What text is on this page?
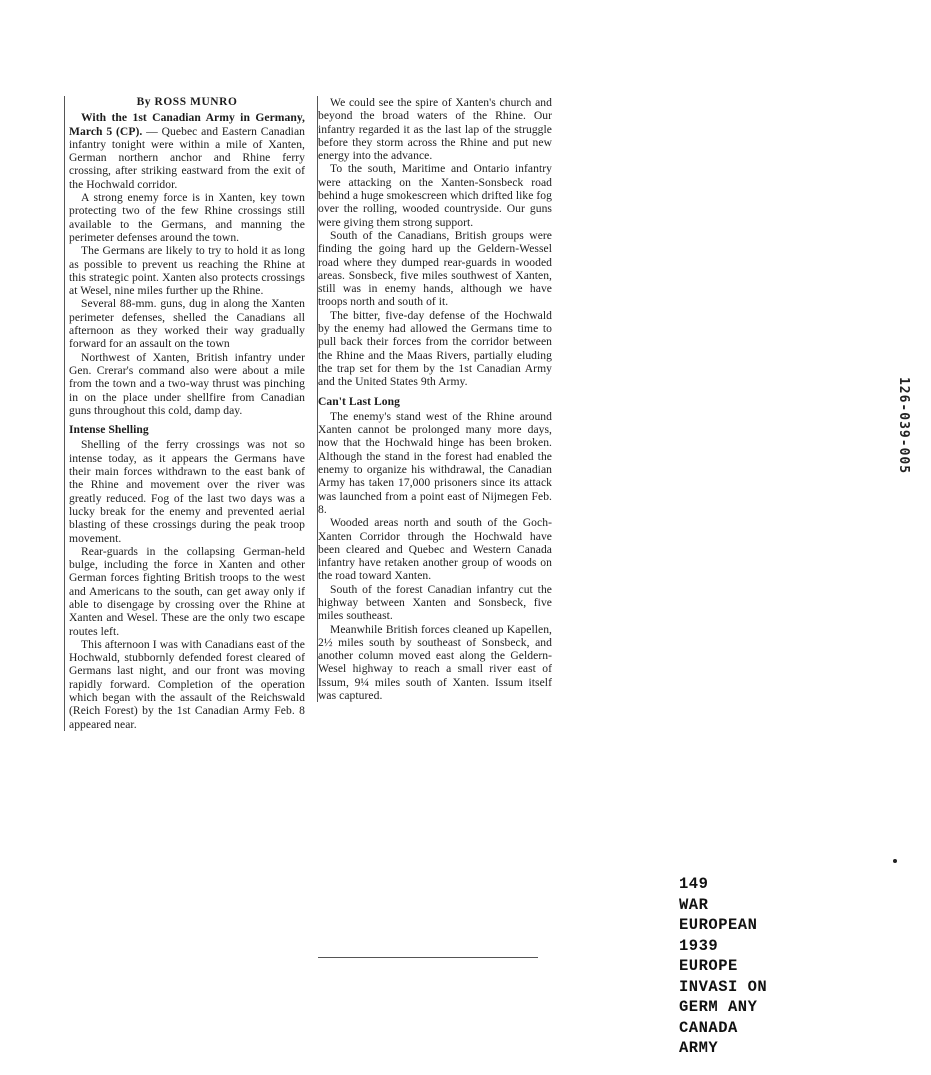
By ROSS MUNRO

With the 1st Canadian Army in Germany, March 5 (CP). — Quebec and Eastern Canadian infantry tonight were within a mile of Xanten, German northern anchor and Rhine ferry crossing, after striking eastward from the exit of the Hochwald corridor.

A strong enemy force is in Xanten, key town protecting two of the few Rhine crossings still available to the Germans, and manning the perimeter defenses around the town.

The Germans are likely to try to hold it as long as possible to prevent us reaching the Rhine at this strategic point. Xanten also protects crossings at Wesel, nine miles further up the Rhine.

Several 88-mm. guns, dug in along the Xanten perimeter defenses, shelled the Canadians all afternoon as they worked their way gradually forward for an assault on the town

Northwest of Xanten, British infantry under Gen. Crerar's command also were about a mile from the town and a two-way thrust was pinching in on the place under shellfire from Canadian guns throughout this cold, damp day.

Intense Shelling

Shelling of the ferry crossings was not so intense today, as it appears the Germans have their main forces withdrawn to the east bank of the Rhine and movement over the river was greatly reduced. Fog of the last two days was a lucky break for the enemy and prevented aerial blasting of these crossings during the peak troop movement.

Rear-guards in the collapsing German-held bulge, including the force in Xanten and other German forces fighting British troops to the west and Americans to the south, can get away only if able to disengage by crossing over the Rhine at Xanten and Wesel. These are the only two escape routes left.

This afternoon I was with Canadians east of the Hochwald, stubbornly defended forest cleared of Germans last night, and our front was moving rapidly forward. Completion of the operation which began with the assault of the Reichswald (Reich Forest) by the 1st Canadian Army Feb. 8 appeared near.

We could see the spire of Xanten's church and beyond the broad waters of the Rhine. Our infantry regarded it as the last lap of the struggle before they storm across the Rhine and put new energy into the advance.

To the south, Maritime and Ontario infantry were attacking on the Xanten-Sonsbeck road behind a huge smokescreen which drifted like fog over the rolling, wooded countryside. Our guns were giving them strong support.

South of the Canadians, British groups were finding the going hard up the Geldern-Wessel road where they dumped rear-guards in wooded areas. Sonsbeck, five miles southwest of Xanten, still was in enemy hands, although we have troops north and south of it.

The bitter, five-day defense of the Hochwald by the enemy had allowed the Germans time to pull back their forces from the corridor between the Rhine and the Maas Rivers, partially eluding the trap set for them by the 1st Canadian Army and the United States 9th Army.

Can't Last Long

The enemy's stand west of the Rhine around Xanten cannot be prolonged many more days, now that the Hochwald hinge has been broken. Although the stand in the forest had enabled the enemy to organize his withdrawal, the Canadian Army has taken 17,000 prisoners since its attack was launched from a point east of Nijmegen Feb. 8.

Wooded areas north and south of the Goch-Xanten Corridor through the Hochwald have been cleared and Quebec and Western Canada infantry have retaken another group of woods on the road toward Xanten.

South of the forest Canadian infantry cut the highway between Xanten and Sonsbeck, five miles southeast.

Meanwhile British forces cleaned up Kapellen, 2½ miles south by southeast of Sonsbeck, and another column moved east along the Geldern-Wesel highway to reach a small river east of Issum, 9¼ miles south of Xanten. Issum itself was captured.

126-039-005
149
WAR
EUROPEAN
1939
EUROPE
INVASI ON
GERM ANY
CANADA
ARMY
